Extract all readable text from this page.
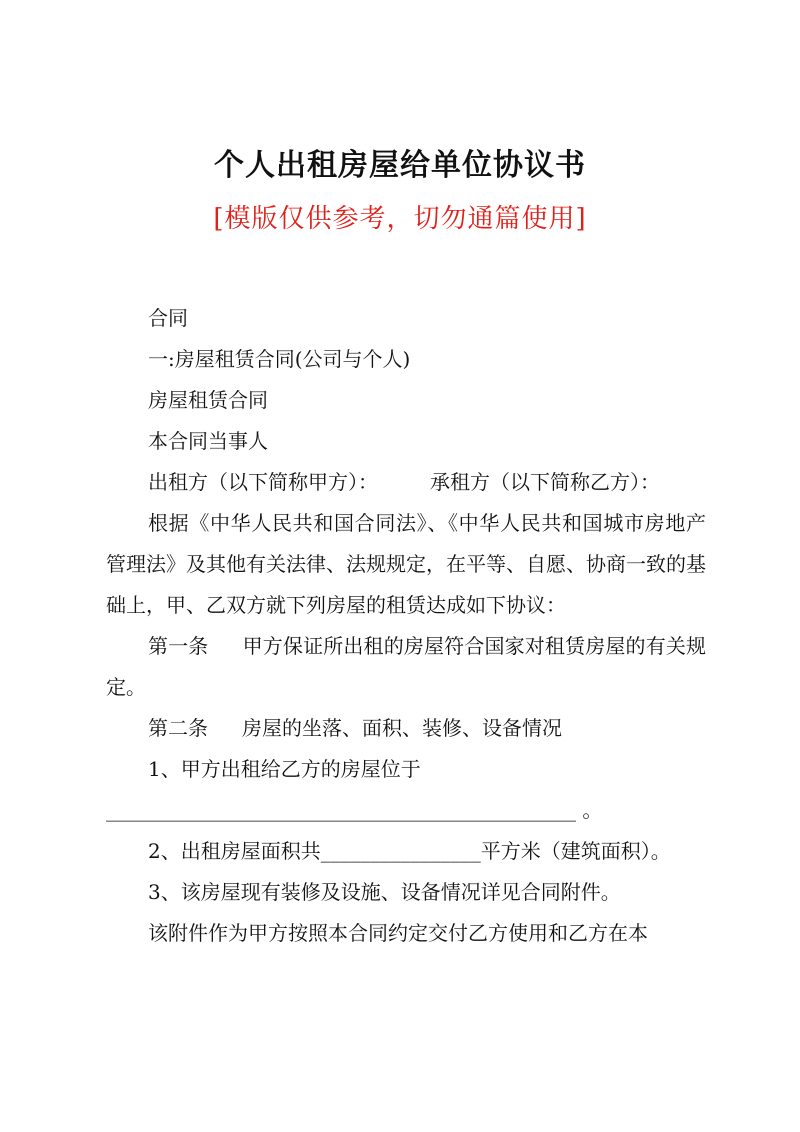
个人出租房屋给单位协议书
[模版仅供参考，切勿通篇使用]

合同

一:房屋租赁合同(公司与个人)

房屋租赁合同

本合同当事人

出租方（以下简称甲方）：	承租方（以下简称乙方）：

根据《中华人民共和国合同法》、《中华人民共和国城市房地产管理法》及其他有关法律、法规规定，在平等、自愿、协商一致的基础上，甲、乙双方就下列房屋的租赁达成如下协议：

第一条 甲方保证所出租的房屋符合国家对租赁房屋的有关规定。

第二条 房屋的坐落、面积、装修、设备情况

1、甲方出租给乙方的房屋位于

_______________________________________________ 。

2、出租房屋面积共________________平方米（建筑面积）。

3、该房屋现有装修及设施、设备情况详见合同附件。

该附件作为甲方按照本合同约定交付乙方使用和乙方在本
